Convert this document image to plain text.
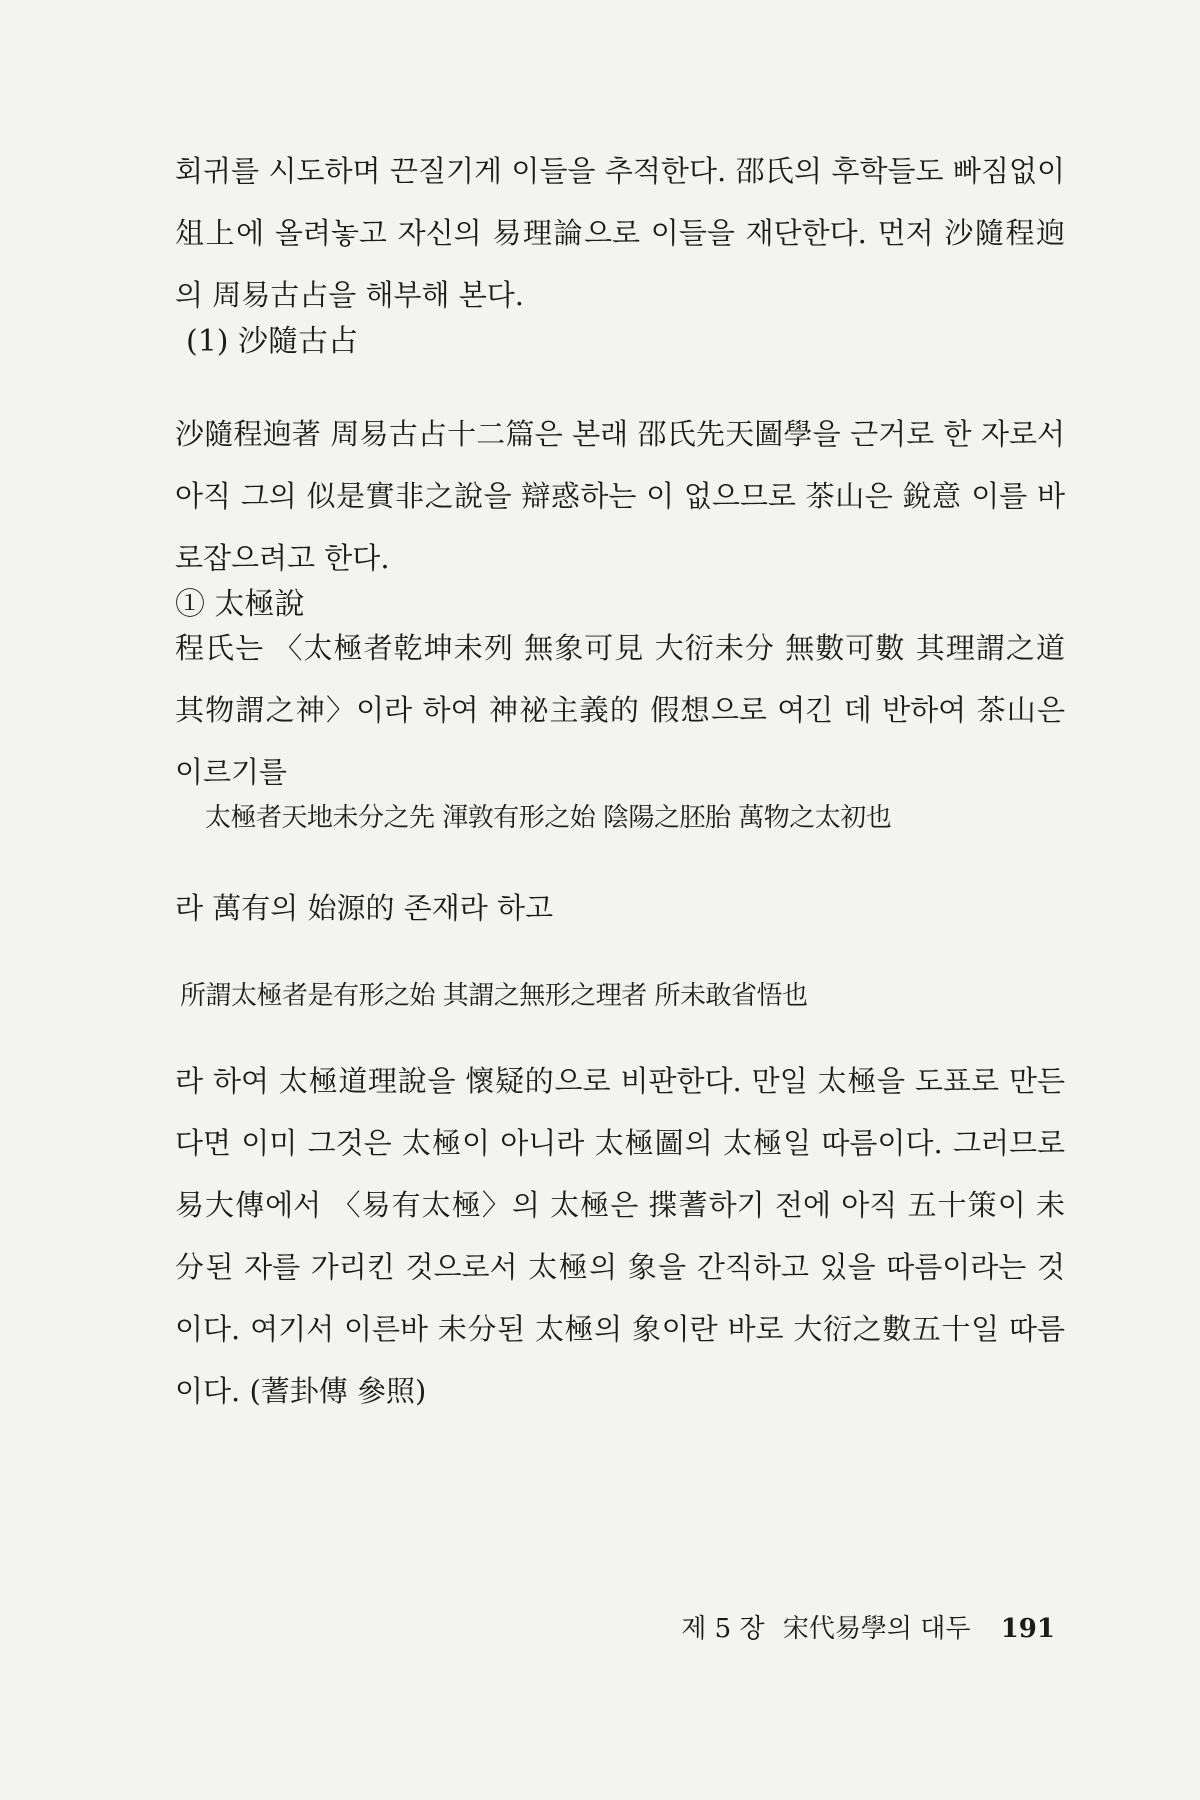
회귀를 시도하며 끈질기게 이들을 추적한다. 邵氏의 후학들도 빠짐없이 俎上에 올려놓고 자신의 易理論으로 이들을 재단한다. 먼저 沙隨程逈의 周易古占을 해부해 본다.

(1) 沙隨古占

沙隨程逈著 周易古占十二篇은 본래 邵氏先天圖學을 근거로 한 자로서 아직 그의 似是實非之說을 辯惑하는 이 없으므로 茶山은 銳意 이를 바로잡으려고 한다.

① 太極說

程氏는 〈太極者乾坤未列 無象可見 大衍未分 無數可數 其理謂之道 其物謂之神〉이라 하여 神祕主義的 假想으로 여긴 데 반하여 茶山은 이르기를

太極者天地未分之先 渾敦有形之始 陰陽之胚胎 萬物之太初也

라 萬有의 始源的 존재라 하고

所謂太極者是有形之始 其謂之無形之理者 所未敢省悟也

라 하여 太極道理說을 懷疑的으로 비판한다. 만일 太極을 도표로 만든다면 이미 그것은 太極이 아니라 太極圖의 太極일 따름이다. 그러므로 易大傳에서 〈易有太極〉의 太極은 揲蓍하기 전에 아직 五十策이 未分된 자를 가리킨 것으로서 太極의 象을 간직하고 있을 따름이라는 것이다. 여기서 이른바 未分된 太極의 象이란 바로 大衍之數五十일 따름이다. (蓍卦傳 參照)

제 5 장 宋代易學의 대두 191
